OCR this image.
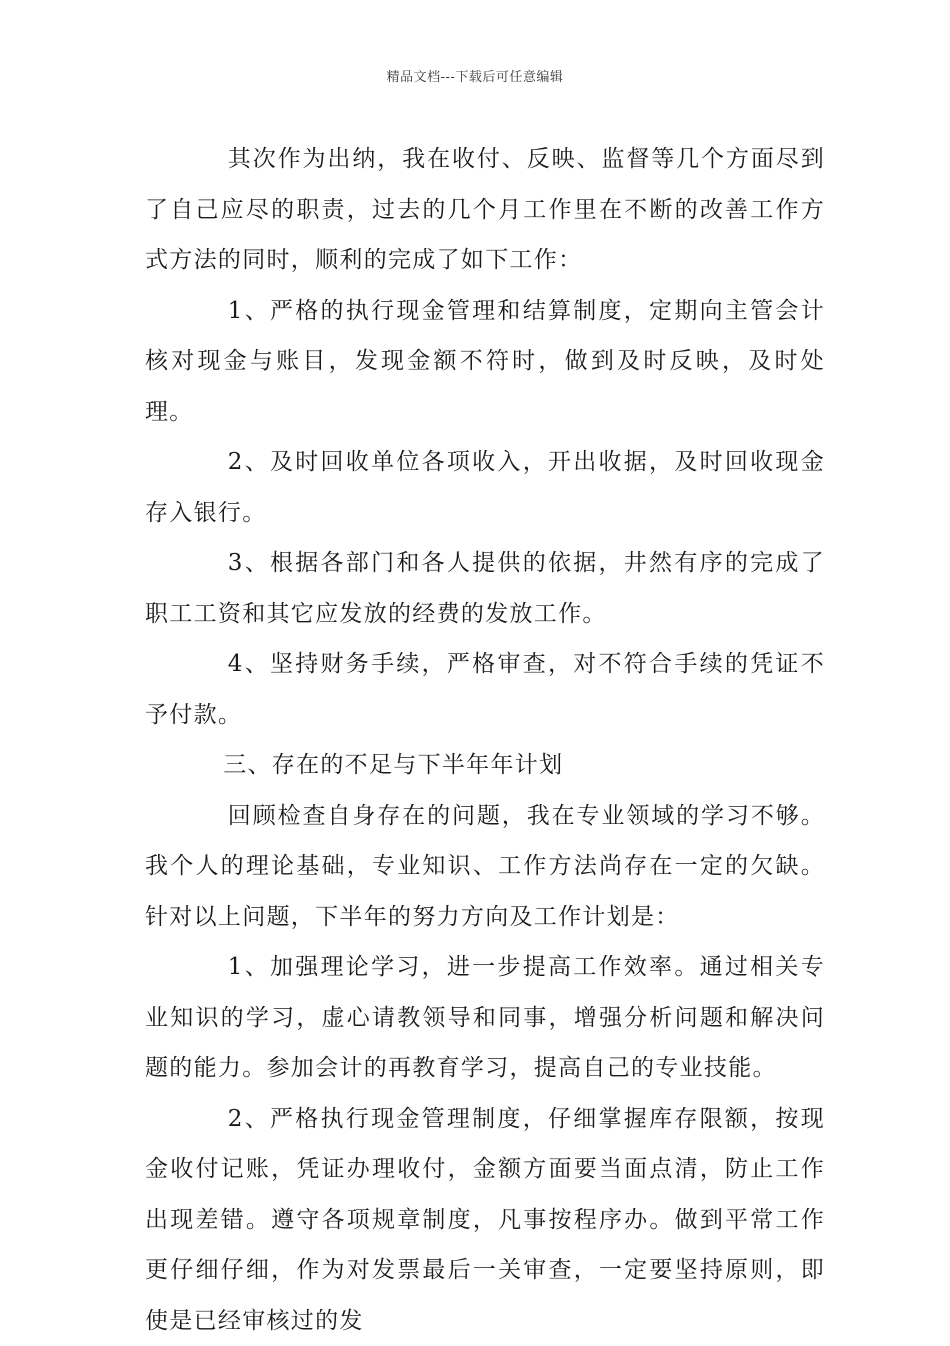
精品文档---下载后可任意编辑

其次作为出纳，我在收付、反映、监督等几个方面尽到了自己应尽的职责，过去的几个月工作里在不断的改善工作方式方法的同时，顺利的完成了如下工作：

1、严格的执行现金管理和结算制度，定期向主管会计核对现金与账目，发现金额不符时，做到及时反映，及时处理。

2、及时回收单位各项收入，开出收据，及时回收现金存入银行。

3、根据各部门和各人提供的依据，井然有序的完成了职工工资和其它应发放的经费的发放工作。

4、坚持财务手续，严格审查，对不符合手续的凭证不予付款。

三、存在的不足与下半年年计划

回顾检查自身存在的问题，我在专业领域的学习不够。我个人的理论基础，专业知识、工作方法尚存在一定的欠缺。针对以上问题，下半年的努力方向及工作计划是：

1、加强理论学习，进一步提高工作效率。通过相关专业知识的学习，虚心请教领导和同事，增强分析问题和解决问题的能力。参加会计的再教育学习，提高自己的专业技能。

2、严格执行现金管理制度，仔细掌握库存限额，按现金收付记账，凭证办理收付，金额方面要当面点清，防止工作出现差错。遵守各项规章制度，凡事按程序办。做到平常工作更仔细仔细，作为对发票最后一关审查，一定要坚持原则，即使是已经审核过的发
